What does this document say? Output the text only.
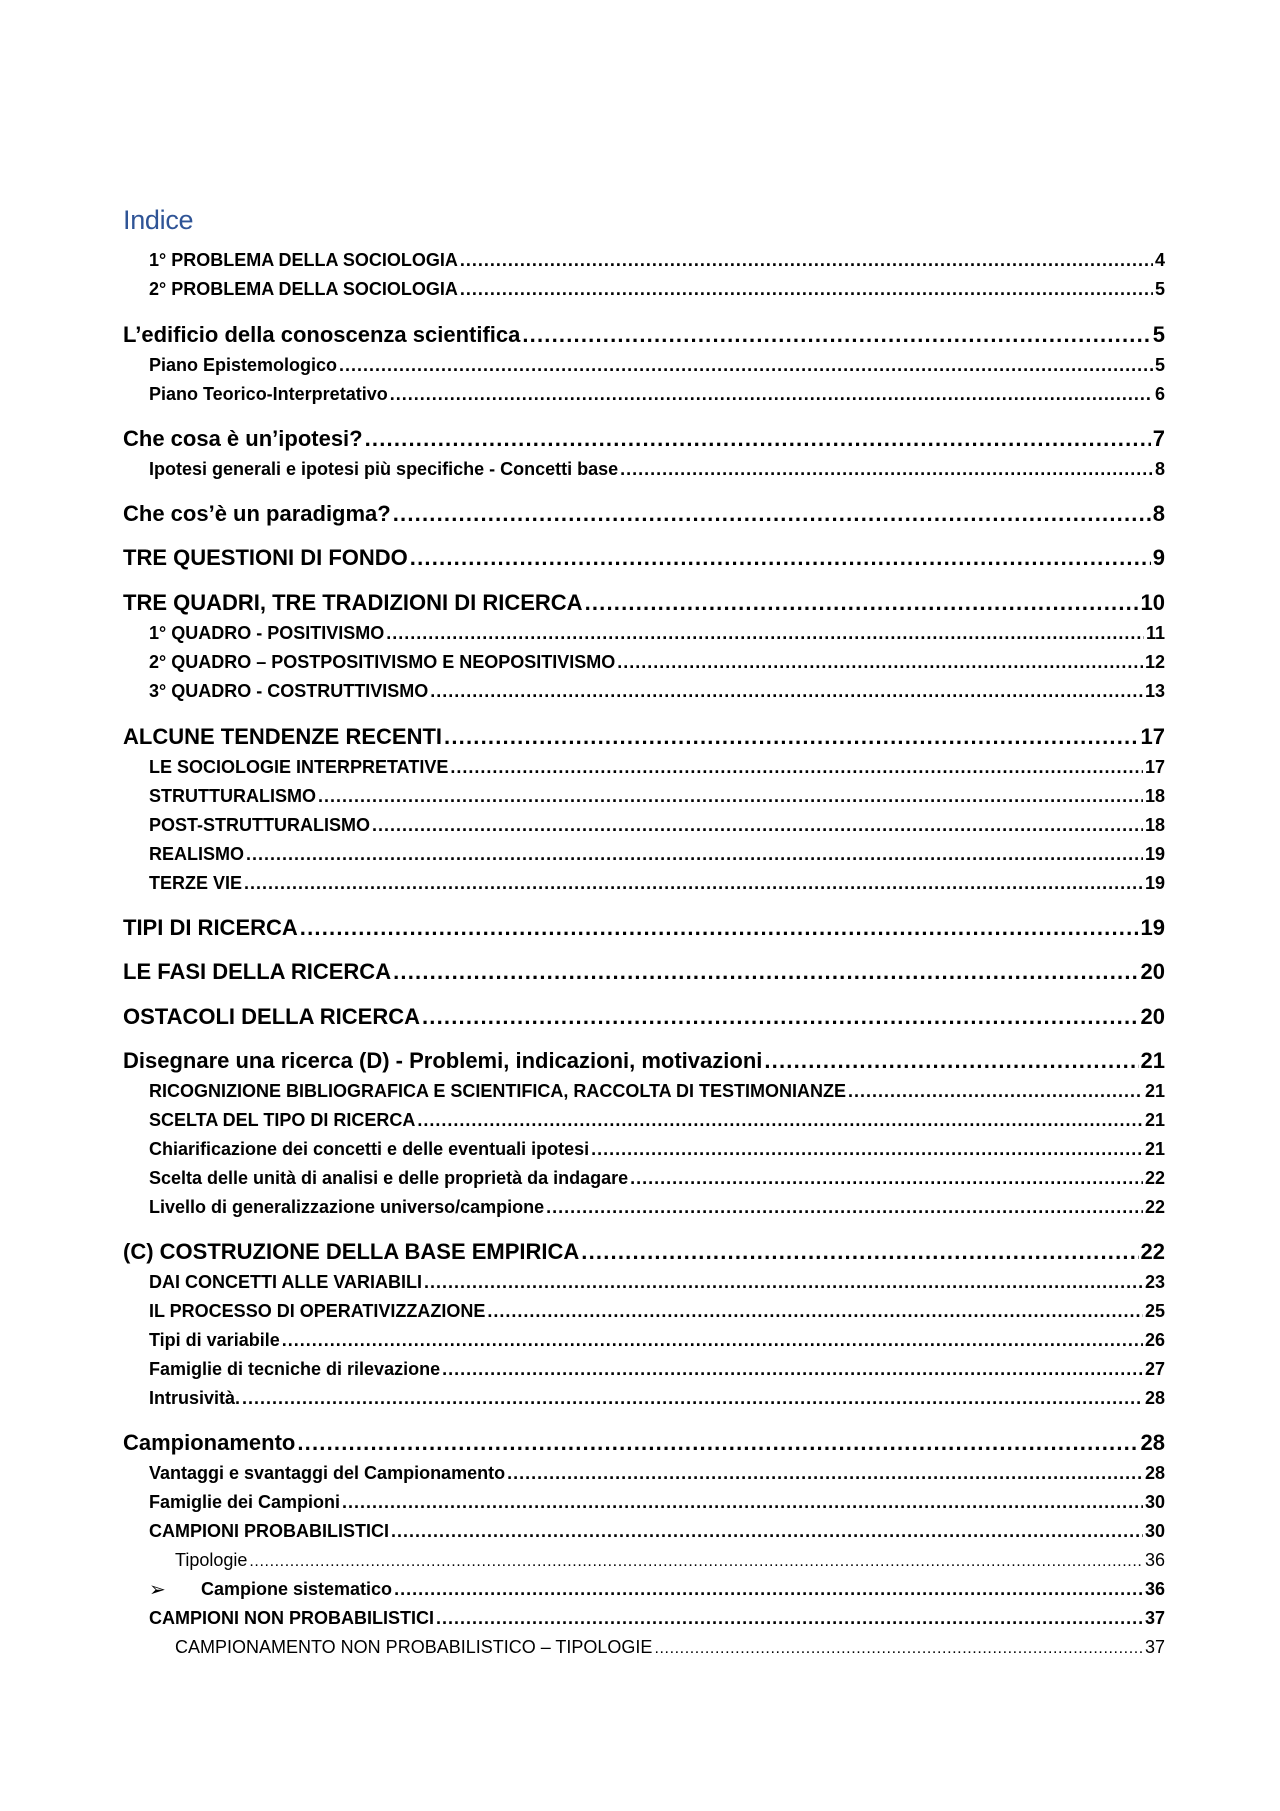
Indice
1° PROBLEMA DELLA SOCIOLOGIA .....	4
2° PROBLEMA DELLA SOCIOLOGIA .....	5
L’edificio della conoscenza scientifica .....	5
Piano Epistemologico .....	5
Piano Teorico-Interpretativo .....	6
Che cosa è un’ipotesi? .....	7
Ipotesi generali e ipotesi più specifiche - Concetti base .....	8
Che cos’è un paradigma? .....	8
TRE QUESTIONI DI FONDO .....	9
TRE QUADRI, TRE TRADIZIONI DI RICERCA .....	10
1° QUADRO - POSITIVISMO .....	11
2° QUADRO – POSTPOSITIVISMO E NEOPOSITIVISMO .....	12
3° QUADRO - COSTRUTTIVISMO .....	13
ALCUNE TENDENZE RECENTI .....	17
LE SOCIOLOGIE INTERPRETATIVE .....	17
STRUTTURALISMO .....	18
POST-STRUTTURALISMO .....	18
REALISMO .....	19
TERZE VIE .....	19
TIPI DI RICERCA .....	19
LE FASI DELLA RICERCA .....	20
OSTACOLI DELLA RICERCA .....	20
Disegnare una ricerca (D) - Problemi, indicazioni, motivazioni .....	21
RICOGNIZIONE BIBLIOGRAFICA E SCIENTIFICA, RACCOLTA DI TESTIMONIANZE .....	21
SCELTA DEL TIPO DI RICERCA .....	21
Chiarificazione dei concetti e delle eventuali ipotesi .....	21
Scelta delle unità di analisi e delle proprietà da indagare .....	22
Livello di generalizzazione universo/campione .....	22
(C) COSTRUZIONE DELLA BASE EMPIRICA .....	22
DAI CONCETTI ALLE VARIABILI .....	23
IL PROCESSO DI OPERATIVIZZAZIONE .....	25
Tipi di variabile .....	26
Famiglie di tecniche di rilevazione .....	27
Intrusività. .....	28
Campionamento .....	28
Vantaggi e svantaggi del Campionamento .....	28
Famiglie dei Campioni .....	30
CAMPIONI PROBABILISTICI .....	30
Tipologie .....	36
➢ Campione sistematico .....	36
CAMPIONI NON PROBABILISTICI .....	37
CAMPIONAMENTO NON PROBABILISTICO – TIPOLOGIE .....	37
